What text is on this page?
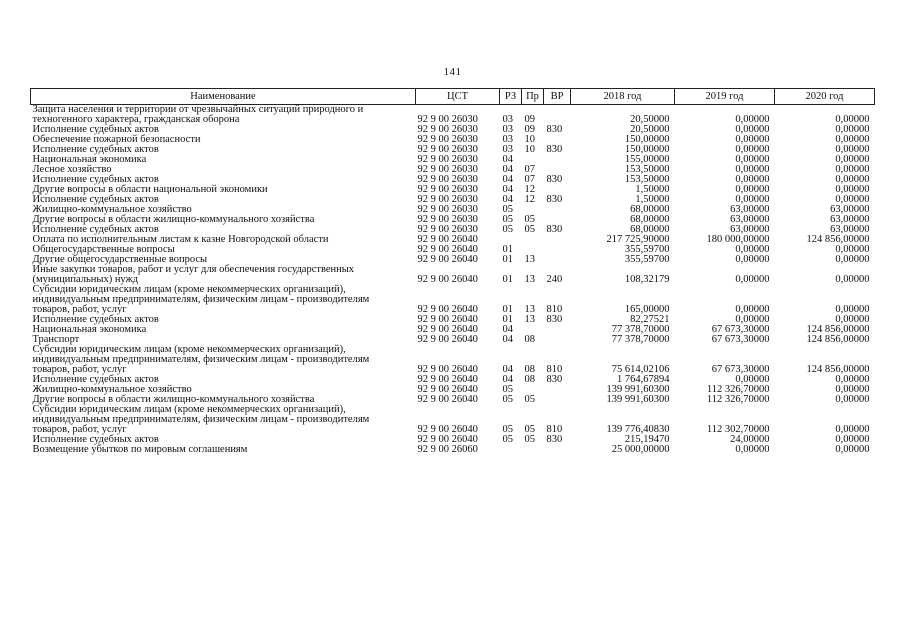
141
Наименование	ЦСТ	РЗ	Пр	ВР	2018 год	2019 год	2020 год
Защита населения и территории от чрезвычайных ситуаций природного и техногенного характера, гражданская оборона	92 9 00 26030	03	09		20,50000	0,00000	0,00000
Исполнение судебных актов	92 9 00 26030	03	09	830	20,50000	0,00000	0,00000
Обеспечение пожарной безопасности	92 9 00 26030	03	10		150,00000	0,00000	0,00000
Исполнение судебных актов	92 9 00 26030	03	10	830	150,00000	0,00000	0,00000
Национальная экономика	92 9 00 26030	04			155,00000	0,00000	0,00000
Лесное хозяйство	92 9 00 26030	04	07		153,50000	0,00000	0,00000
Исполнение судебных актов	92 9 00 26030	04	07	830	153,50000	0,00000	0,00000
Другие вопросы в области национальной экономики	92 9 00 26030	04	12		1,50000	0,00000	0,00000
Исполнение судебных актов	92 9 00 26030	04	12	830	1,50000	0,00000	0,00000
Жилищно-коммунальное хозяйство	92 9 00 26030	05			68,00000	63,00000	63,00000
Другие вопросы в области жилищно-коммунального хозяйства	92 9 00 26030	05	05		68,00000	63,00000	63,00000
Исполнение судебных актов	92 9 00 26030	05	05	830	68,00000	63,00000	63,00000
Оплата по исполнительным листам к казне Новгородской области	92 9 00 26040				217 725,90000	180 000,00000	124 856,00000
Общегосударственные вопросы	92 9 00 26040	01			355,59700	0,00000	0,00000
Другие общегосударственные вопросы	92 9 00 26040	01	13		355,59700	0,00000	0,00000
Иные закупки товаров, работ и услуг для обеспечения государственных (муниципальных) нужд	92 9 00 26040	01	13	240	108,32179	0,00000	0,00000
Субсидии юридическим лицам (кроме некоммерческих организаций), индивидуальным предпринимателям, физическим лицам - производителям товаров, работ, услуг	92 9 00 26040	01	13	810	165,00000	0,00000	0,00000
Исполнение судебных актов	92 9 00 26040	01	13	830	82,27521	0,00000	0,00000
Национальная экономика	92 9 00 26040	04			77 378,70000	67 673,30000	124 856,00000
Транспорт	92 9 00 26040	04	08		77 378,70000	67 673,30000	124 856,00000
Субсидии юридическим лицам (кроме некоммерческих организаций), индивидуальным предпринимателям, физическим лицам - производителям товаров, работ, услуг	92 9 00 26040	04	08	810	75 614,02106	67 673,30000	124 856,00000
Исполнение судебных актов	92 9 00 26040	04	08	830	1 764,67894	0,00000	0,00000
Жилищно-коммунальное хозяйство	92 9 00 26040	05			139 991,60300	112 326,70000	0,00000
Другие вопросы в области жилищно-коммунального хозяйства	92 9 00 26040	05	05		139 991,60300	112 326,70000	0,00000
Субсидии юридическим лицам (кроме некоммерческих организаций), индивидуальным предпринимателям, физическим лицам - производителям товаров, работ, услуг	92 9 00 26040	05	05	810	139 776,40830	112 302,70000	0,00000
Исполнение судебных актов	92 9 00 26040	05	05	830	215,19470	24,00000	0,00000
Возмещение убытков по мировым соглашениям	92 9 00 26060				25 000,00000	0,00000	0,00000
